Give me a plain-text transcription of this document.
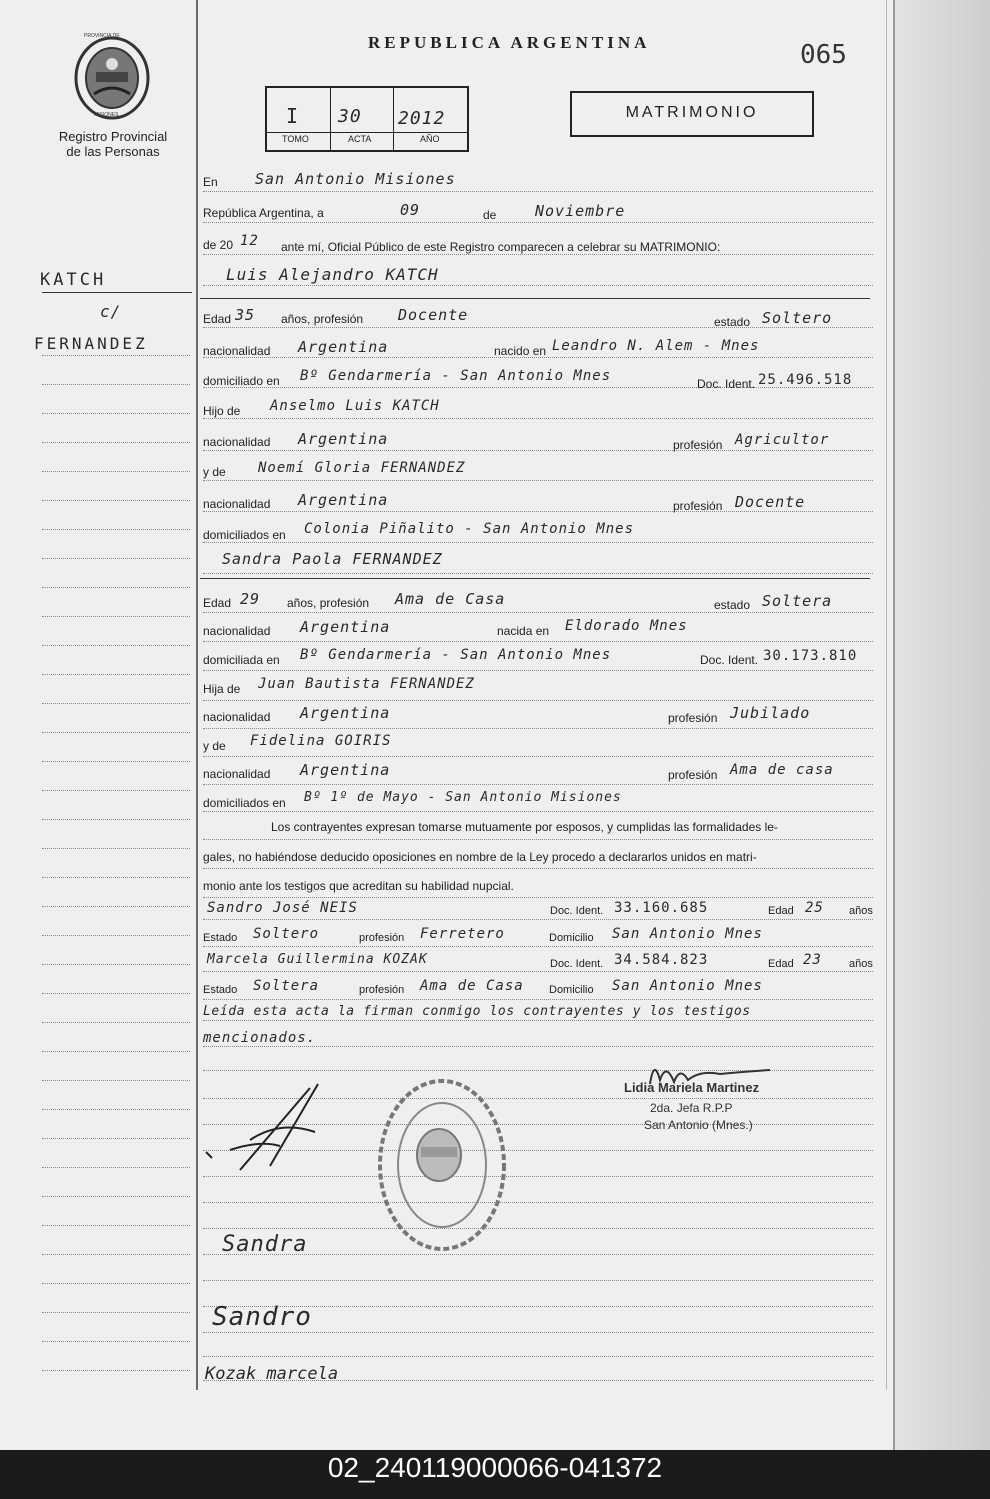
REPUBLICA ARGENTINA	065
PROVINCIA DE
MISIONES
Registro Provincial
de las Personas
I 30 2012
TOMO	ACTA	AÑO
MATRIMONIO
KATCH
c/
FERNANDEZ
En San Antonio Misiones
República Argentina, a	09	de	Noviembre
de 20 12 ante mí, Oficial Público de este Registro comparecen a celebrar su MATRIMONIO:
Luis Alejandro KATCH
Edad 35 años, profesión Docente	estado Soltero
nacionalidad Argentina	nacido en Leandro N. Alem - Mnes
domiciliado en Bº Gendarmería - San Antonio Mnes	Doc. Ident. 25.496.518
Hijo de Anselmo Luis KATCH
nacionalidad Argentina	profesión Agricultor
y de Noemí Gloria FERNANDEZ
nacionalidad Argentina	profesión Docente
domiciliados en Colonia Piñalito - San Antonio Mnes
Sandra Paola FERNANDEZ
Edad 29 años, profesión Ama de Casa	estado Soltera
nacionalidad Argentina	nacida en Eldorado Mnes
domiciliada en Bº Gendarmería - San Antonio Mnes	Doc. Ident. 30.173.810
Hija de Juan Bautista FERNANDEZ
nacionalidad Argentina	profesión Jubilado
y de Fidelina GOIRIS
nacionalidad Argentina	profesión Ama de casa
domiciliados en Bº 1º de Mayo - San Antonio Misiones
Los contrayentes expresan tomarse mutuamente por esposos, y cumplidas las formalidades le-
gales, no habiéndose deducido oposiciones en nombre de la Ley procedo a declararlos unidos en matri-
monio ante los testigos que acreditan su habilidad nupcial.
Sandro José NEIS	Doc. Ident. 33.160.685	Edad 25 años
Estado Soltero	profesión Ferretero	Domicilio San Antonio Mnes
Marcela Guillermina KOZAK	Doc. Ident. 34.584.823	Edad 23 años
Estado Soltera	profesión Ama de Casa Domicilio San Antonio Mnes
Leída esta acta la firman conmigo los contrayentes y los testigos
mencionados.
Lidia Mariela Martinez
2da. Jefa R.P.P
San Antonio (Mnes.)
Sandra
Sandro
Kozak marcela
02_240119000066-041372
